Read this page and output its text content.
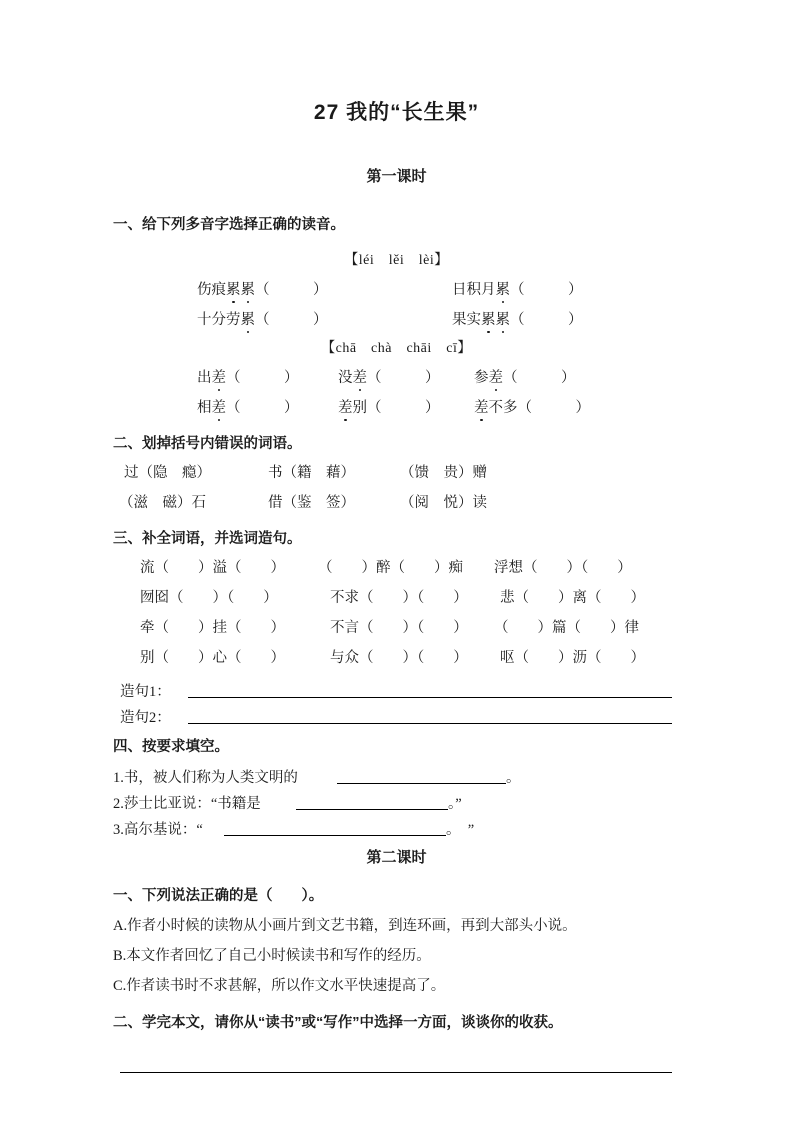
27 我的“长生果”
第一课时
一、给下列多音字选择正确的读音。
【léi　lěi　lèi】
伤痕累累（　　　）	日积月累（　　　）
十分劳累（　　　）	果实累累（　　　）
【chā　chà　chāi　cī】
出差（　　　）	没差（　　　） 参差（　　　）
相差（　　　）	差别（　　　） 差不多（　　　）
二、划掉括号内错误的词语。
过（隐　瘾）	书（籍　藉）	（馈　贵）赠
（滋　磁）石	借（鉴　签）	（阅　悦）读
三、补全词语，并选词造句。
流（　　）溢（　　） （　　）醉（　　）痴 浮想（　　）（　　）
囫囵（　　）（　　）	不求（　　）（　　） 悲（　　）离（　　）
牵（　　）挂（　　）	不言（　　）（　　） （　　）篇（　　）律
别（　　）心（　　）	与众（　　）（　　） 呕（　　）沥（　　）
造句1：
造句2：
四、按要求填空。
1.书，被人们称为人类文明的	。
2.莎士比亚说：“书籍是	。”
3.高尔基说：“	。　”
第二课时
一、下列说法正确的是（　　）。
A.作者小时候的读物从小画片到文艺书籍，到连环画，再到大部头小说。
B.本文作者回忆了自己小时候读书和写作的经历。
C.作者读书时不求甚解，所以作文水平快速提高了。
二、学完本文，请你从“读书”或“写作”中选择一方面，谈谈你的收获。
